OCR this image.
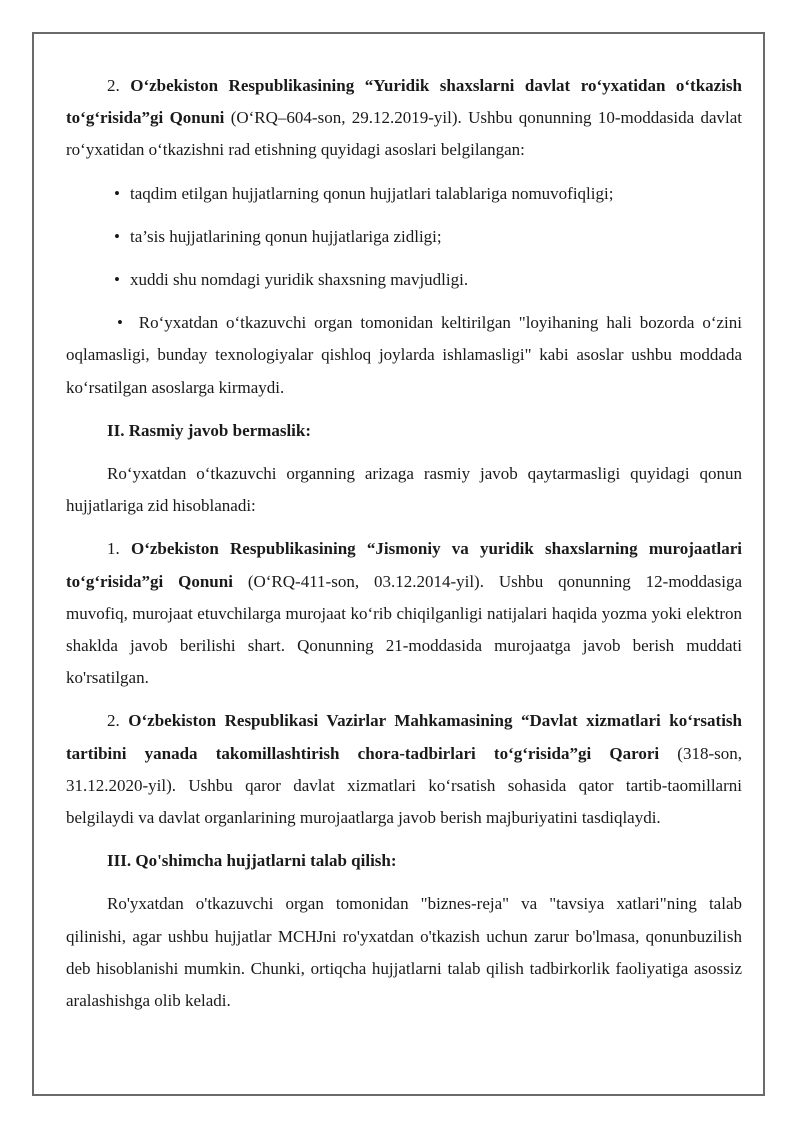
2. O‘zbekiston Respublikasining “Yuridik shaxslarni davlat ro‘yxatidan o‘tkazish to‘g‘risida”gi Qonuni (O‘RQ–604-son, 29.12.2019-yil). Ushbu qonunning 10-moddasida davlat ro‘yxatidan o‘tkazishni rad etishning quyidagi asoslari belgilangan:

• taqdim etilgan hujjatlarning qonun hujjatlari talablariga nomuvofiqligi;

• ta’sis hujjatlarining qonun hujjatlariga zidligi;

• xuddi shu nomdagi yuridik shaxsning mavjudligi.

• Ro‘yxatdan o‘tkazuvchi organ tomonidan keltirilgan "loyihaning hali bozorda o‘zini oqlamasligi, bunday texnologiyalar qishloq joylarda ishlamasligi" kabi asoslar ushbu moddada ko‘rsatilgan asoslarga kirmaydi.

II. Rasmiy javob bermaslik:

Ro‘yxatdan o‘tkazuvchi organning arizaga rasmiy javob qaytarmasligi quyidagi qonun hujjatlariga zid hisoblanadi:

1. O‘zbekiston Respublikasining “Jismoniy va yuridik shaxslarning murojaatlari to‘g‘risida”gi Qonuni (O‘RQ-411-son, 03.12.2014-yil). Ushbu qonunning 12-moddasiga muvofiq, murojaat etuvchilarga murojaat ko‘rib chiqilganligi natijalari haqida yozma yoki elektron shaklda javob berilishi shart. Qonunning 21-moddasida murojaatga javob berish muddati ko'rsatilgan.

2. O‘zbekiston Respublikasi Vazirlar Mahkamasining “Davlat xizmatlari ko‘rsatish tartibini yanada takomillashtirish chora-tadbirlari to‘g‘risida”gi Qarori (318-son, 31.12.2020-yil). Ushbu qaror davlat xizmatlari ko‘rsatish sohasida qator tartib-taomillarni belgilaydi va davlat organlarining murojaatlarga javob berish majburiyatini tasdiqlaydi.

III. Qo'shimcha hujjatlarni talab qilish:

Ro'yxatdan o'tkazuvchi organ tomonidan "biznes-reja" va "tavsiya xatlari"ning talab qilinishi, agar ushbu hujjatlar MCHJni ro'yxatdan o'tkazish uchun zarur bo'lmasa, qonunbuzilish deb hisoblanishi mumkin. Chunki, ortiqcha hujjatlarni talab qilish tadbirkorlik faoliyatiga asossiz aralashishga olib keladi.
